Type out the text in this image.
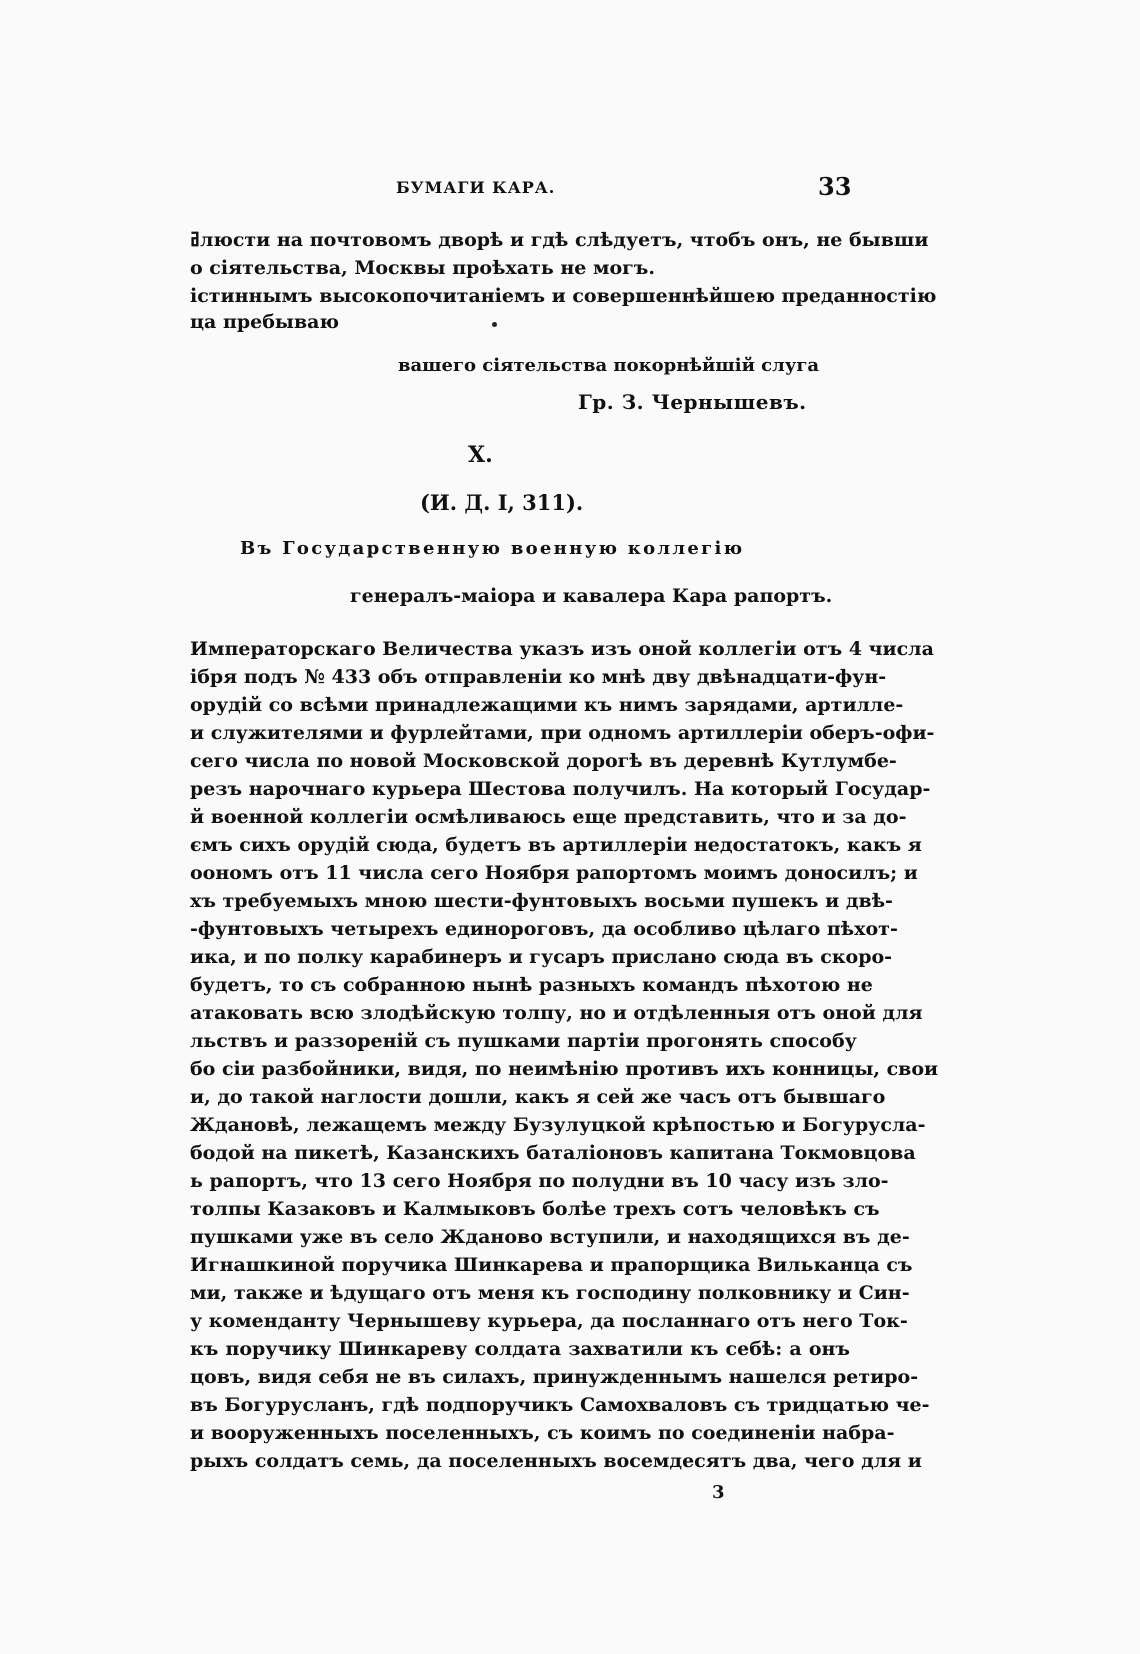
БУМАГИ КАРА.	33
ߥлюсти на почтовомъ дворѣ и гдѣ слѣдуетъ, чтобъ онъ, не бывши
о сіятельства, Москвы проѣхать не могъ.
істиннымъ высокопочитаніемъ и совершеннѣйшею преданностію
ца пребываю
вашего сіятельства покорнѣйшій слуга
Гр. З. Чернышевъ.
X.
(И. Д. I, 311).
Въ Государственную военную коллегію
генералъ-маіора и кавалера Кара рапортъ.
Императорскаго Величества указъ изъ оной коллегіи отъ 4 числа
ібря подъ № 433 объ отправленіи ко мнѣ дву двѣнадцати-фун-
орудій со всѣми принадлежащими къ нимъ зарядами, артилле-
и служителями и фурлейтами, при одномъ артиллеріи оберъ-офи-
сего числа по новой Московской дорогѣ въ деревнѣ Кутлумбе-
резъ нарочнаго курьера Шестова получилъ. На который Государ-
й военной коллегіи осмѣливаюсь еще представить, что и за до-
ємъ сихъ орудій сюда, будетъ въ артиллеріи недостатокъ, какъ я
оономъ отъ 11 числа сего Ноября рапортомъ моимъ доносилъ; и
хъ требуемыхъ мною шести-фунтовыхъ восьми пушекъ и двѣ-
-фунтовыхъ четырехъ единороговъ, да особливо цѣлаго пѣхот-
ика, и по полку карабинеръ и гусаръ прислано сюда въ скоро-
будетъ, то съ собранною нынѣ разныхъ командъ пѣхотою не
атаковать всю злодѣйскую толпу, но и отдѣленныя отъ оной для
льствъ и раззореній съ пушками партіи прогонять способу
бо сіи разбойники, видя, по неимѣнію противъ ихъ конницы, свои
и, до такой наглости дошли, какъ я сей же часъ отъ бывшаго
Ждановѣ, лежащемъ между Бузулуцкой крѣпостью и Богурусла-
бодой на пикетѣ, Казанскихъ баталіоновъ капитана Токмовцова
ь рапортъ, что 13 сего Ноября по полудни въ 10 часу изъ зло-
толпы Казаковъ и Калмыковъ болѣе трехъ сотъ человѣкъ съ
пушками уже въ село Жданово вступили, и находящихся въ де-
Игнашкиной поручика Шинкарева и прапорщика Вильканца съ
ми, также и ѣдущаго отъ меня къ господину полковнику и Син-
у коменданту Чернышеву курьера, да посланнаго отъ него Ток-
къ поручику Шинкареву солдата захватили къ себѣ: а онъ
цовъ, видя себя не въ силахъ, принужденнымъ нашелся ретиро-
въ Богурусланъ, гдѣ подпоручикъ Самохваловъ съ тридцатью че-
и вооруженныхъ поселенныхъ, съ коимъ по соединеніи набра-
рыхъ солдатъ семь, да поселенныхъ восемдесятъ два, чего для и
3
